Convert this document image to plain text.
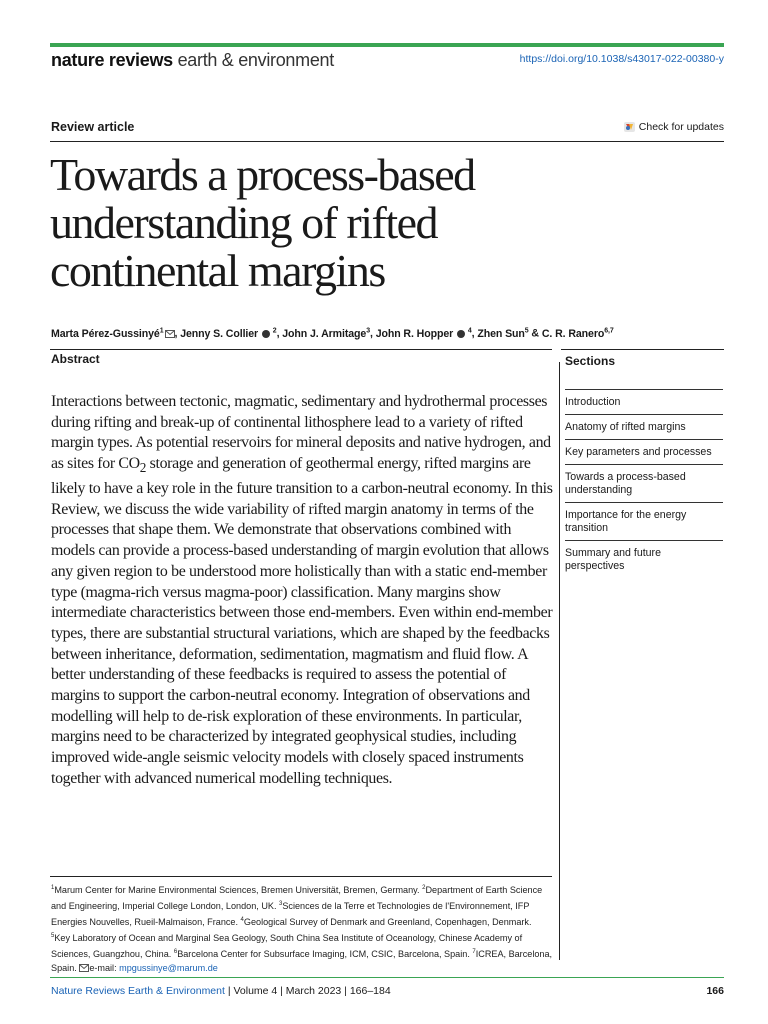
nature reviews earth & environment	https://doi.org/10.1038/s43017-022-00380-y
Review article	Check for updates
Towards a process-based
understanding of rifted
continental margins
Marta Pérez-Gussinyé$^1$ , Jenny S. Collier $^2$, John J. Armitage$^3$, John R. Hopper $^4$, Zhen Sun$^5$ & C. R. Ranero$^{6,7}$
Abstract

Interactions between tectonic, magmatic, sedimentary and hydrothermal processes during rifting and break-up of continental lithosphere lead to a variety of rifted margin types. As potential reservoirs for mineral deposits and native hydrogen, and as sites for $CO_2$ storage and generation of geothermal energy, rifted margins are likely to have a key role in the future transition to a carbon-neutral economy. In this Review, we discuss the wide variability of rifted margin anatomy in terms of the processes that shape them. We demonstrate that observations combined with models can provide a process-based understanding of margin evolution that allows any given region to be understood more holistically than with a static end-member type (magma-rich versus magma-poor) classification. Many margins show intermediate characteristics between those end-members. Even within end-member types, there are substantial structural variations, which are shaped by the feedbacks between inheritance, deformation, sedimentation, magmatism and fluid flow. A better understanding of these feedbacks is required to assess the potential of margins to support the carbon-neutral economy. Integration of observations and modelling will help to de-risk exploration of these environments. In particular, margins need to be characterized by integrated geophysical studies, including improved wide-angle seismic velocity models with closely spaced instruments together with advanced numerical modelling techniques.

Sections
Introduction
Anatomy of rifted margins
Key parameters and processes
Towards a process-based understanding
Importance for the energy transition
Summary and future perspectives

$^1$Marum Center for Marine Environmental Sciences, Bremen Universität, Bremen, Germany. $^2$Department of Earth Science and Engineering, Imperial College London, London, UK. $^3$Sciences de la Terre et Technologies de l'Environnement, IFP Energies Nouvelles, Rueil-Malmaison, France. $^4$Geological Survey of Denmark and Greenland, Copenhagen, Denmark. $^5$Key Laboratory of Ocean and Marginal Sea Geology, South China Sea Institute of Oceanology, Chinese Academy of Sciences, Guangzhou, China. $^6$Barcelona Center for Subsurface Imaging, ICM, CSIC, Barcelona, Spain. $^7$ICREA, Barcelona, Spain. e-mail: mpgussinye@marum.de

Nature Reviews Earth & Environment | Volume 4 | March 2023 | 166–184	166
